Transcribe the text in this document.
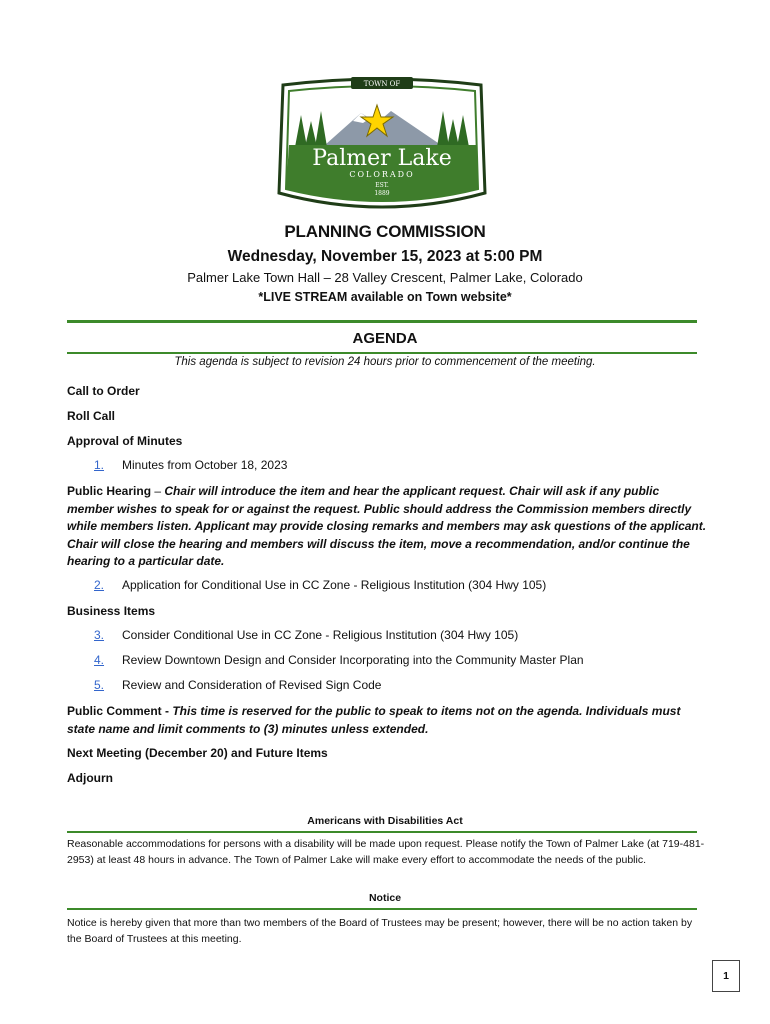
TOWN OF
Palmer Lake
COLORADO
EST.
1889
PLANNING COMMISSION
Wednesday, November 15, 2023 at 5:00 PM
Palmer Lake Town Hall – 28 Valley Crescent, Palmer Lake, Colorado
*LIVE STREAM available on Town website*
AGENDA
This agenda is subject to revision 24 hours prior to commencement of the meeting.
Call to Order
Roll Call
Approval of Minutes
1. Minutes from October 18, 2023
Public Hearing – Chair will introduce the item and hear the applicant request. Chair will ask if any public member wishes to speak for or against the request. Public should address the Commission members directly while members listen. Applicant may provide closing remarks and members may ask questions of the applicant. Chair will close the hearing and members will discuss the item, move a recommendation, and/or continue the hearing to a particular date.
2. Application for Conditional Use in CC Zone - Religious Institution (304 Hwy 105)
Business Items
3. Consider Conditional Use in CC Zone - Religious Institution (304 Hwy 105)
4. Review Downtown Design and Consider Incorporating into the Community Master Plan
5. Review and Consideration of Revised Sign Code
Public Comment - This time is reserved for the public to speak to items not on the agenda. Individuals must state name and limit comments to (3) minutes unless extended.
Next Meeting (December 20) and Future Items
Adjourn
Americans with Disabilities Act
Reasonable accommodations for persons with a disability will be made upon request. Please notify the Town of Palmer Lake (at 719-481-2953) at least 48 hours in advance. The Town of Palmer Lake will make every effort to accommodate the needs of the public.
Notice
Notice is hereby given that more than two members of the Board of Trustees may be present; however, there will be no action taken by the Board of Trustees at this meeting.
1
